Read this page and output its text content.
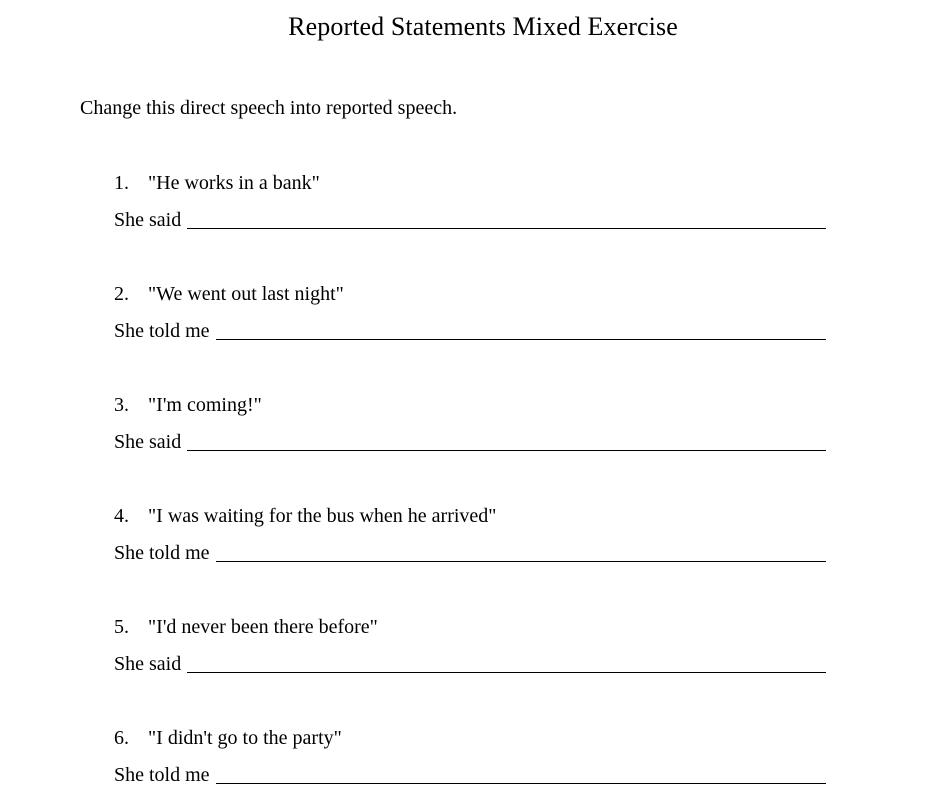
Reported Statements Mixed Exercise
Change this direct speech into reported speech.
1. "He works in a bank"
She said
2. "We went out last night"
She told me
3. "I'm coming!"
She said
4. "I was waiting for the bus when he arrived"
She told me
5. "I'd never been there before"
She said
6. "I didn't go to the party"
She told me
